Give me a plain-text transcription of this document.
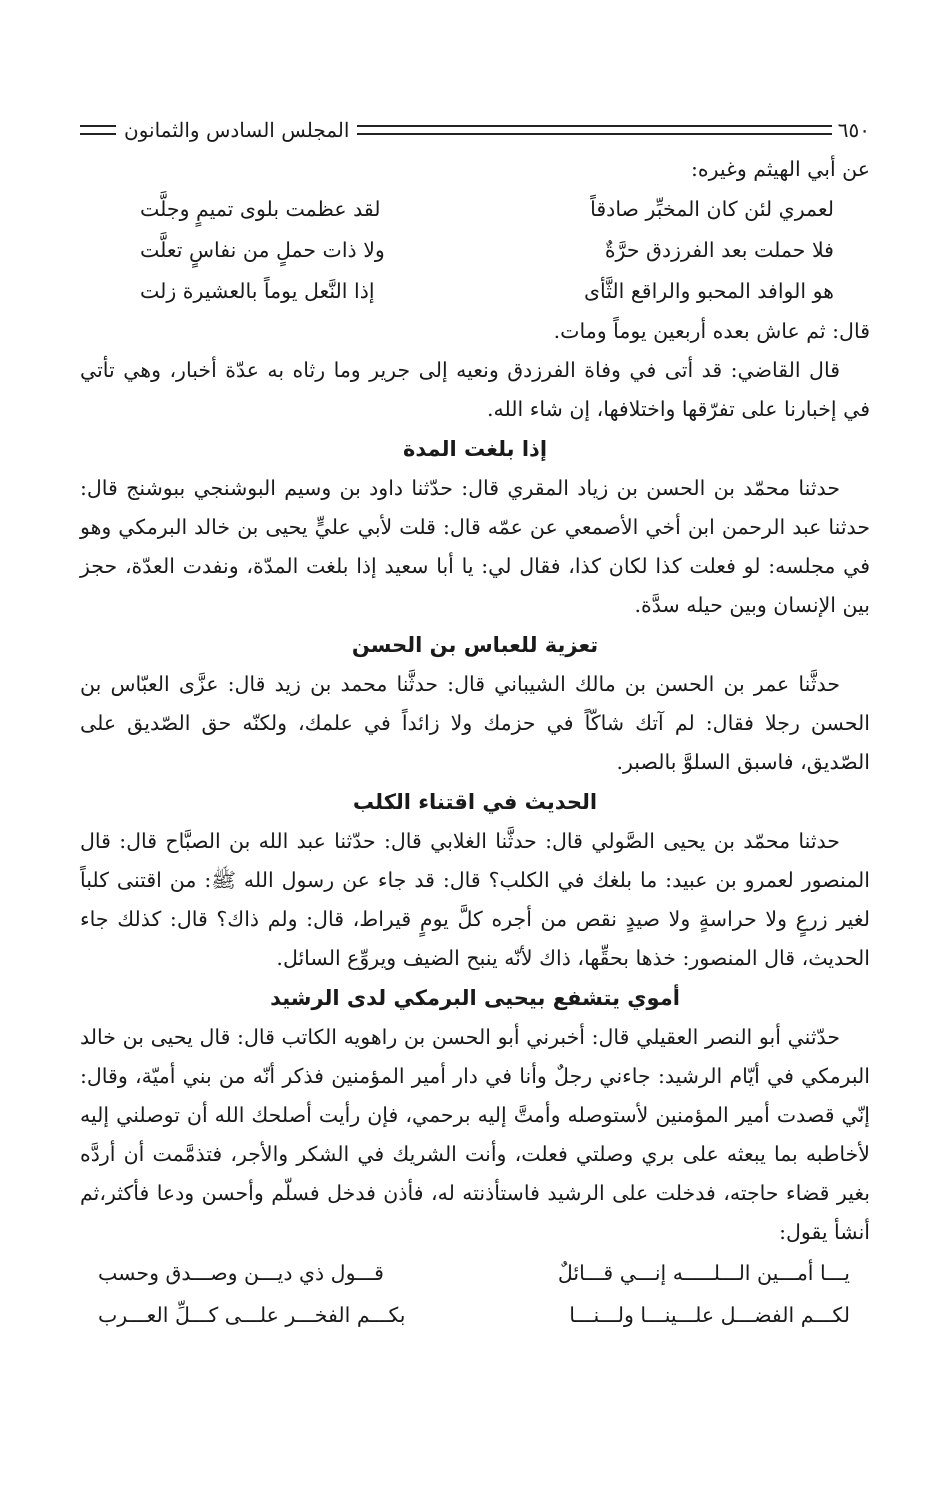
٦٥٠
المجلس السادس والثمانون

عن أبي الهيثم وغيره:

لعمري لئن كان المخبِّر صادقاً
لقد عظمت بلوى تميمٍ وجلَّت
فلا حملت بعد الفرزدق حرَّةٌ
ولا ذات حملٍ من نفاسٍ تعلَّت
هو الوافد المحبو والراقع الثَّأى
إذا النَّعل يوماً بالعشيرة زلت

قال: ثم عاش بعده أربعين يوماً ومات.

قال القاضي: قد أتى في وفاة الفرزدق ونعيه إلى جرير وما رثاه به عدّة أخبار، وهي تأتي في إخبارنا على تفرّقها واختلافها، إن شاء الله.

إذا بلغت المدة

حدثنا محمّد بن الحسن بن زياد المقري قال: حدّثنا داود بن وسيم البوشنجي ببوشنج قال: حدثنا عبد الرحمن ابن أخي الأصمعي عن عمّه قال: قلت لأبي عليٍّ يحيى بن خالد البرمكي وهو في مجلسه: لو فعلت كذا لكان كذا، فقال لي: يا أبا سعيد إذا بلغت المدّة، ونفدت العدّة، حجز بين الإنسان وبين حيله سدَّة.

تعزية للعباس بن الحسن

حدثَّنا عمر بن الحسن بن مالك الشيباني قال: حدثَّنا محمد بن زيد قال: عزَّى العبّاس بن الحسن رجلا فقال: لم آتك شاكّاً في حزمك ولا زائداً في علمك، ولكنّه حق الصّديق على الصّديق، فاسبق السلوَّ بالصبر.

الحديث في اقتناء الكلب

حدثنا محمّد بن يحيى الصَّولي قال: حدثَّنا الغلابي قال: حدّثنا عبد الله بن الصبَّاح قال: قال المنصور لعمرو بن عبيد: ما بلغك في الكلب؟ قال: قد جاء عن رسول الله ﷺ: من اقتنى كلباً لغير زرعٍ ولا حراسةٍ ولا صيدٍ نقص من أجره كلَّ يومٍ قيراط، قال: ولم ذاك؟ قال: كذلك جاء الحديث، قال المنصور: خذها بحقِّها، ذاك لأنّه ينبح الضيف ويروِّع السائل.

أموي يتشفع بيحيى البرمكي لدى الرشيد

حدّثني أبو النصر العقيلي قال: أخبرني أبو الحسن بن راهويه الكاتب قال: قال يحيى بن خالد البرمكي في أيّام الرشيد: جاءني رجلٌ وأنا في دار أمير المؤمنين فذكر أنّه من بني أميّة، وقال: إنّي قصدت أمير المؤمنين لأستوصله وأمتَّ إليه برحمي، فإن رأيت أصلحك الله أن توصلني إليه لأخاطبه بما يبعثه على بري وصلتي فعلت، وأنت الشريك في الشكر والأجر، فتذمَّمت أن أردَّه بغير قضاء حاجته، فدخلت على الرشيد فاستأذنته له، فأذن فدخل فسلّم وأحسن ودعا فأكثر،ثم أنشأ يقول:

يـــا أمـــين الـــلـــــه إنـــي قـــائلٌ
قـــول ذي ديـــن وصـــدق وحسب
لكـــم الفضـــل علـــينـــا ولـــنـــا
بكـــم الفخـــر علـــى كـــلِّ العـــرب
